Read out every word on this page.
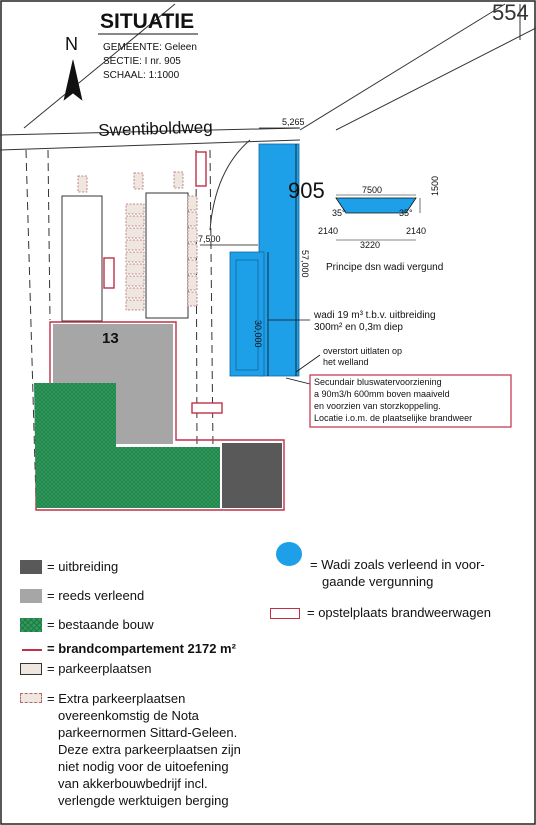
SITUATIE
GEMEENTE: Geleen
SECTIE: I nr. 905
SCHAAL: 1:1000
N
554
Swentiboldweg
905
13
5,265
7,500
30,000
57,000
wadi 19 m³ t.b.v. uitbreiding
300m² en 0,3m diep
overstort uitlaten op
het welland
Secundair bluswatervoorziening
a 90m3/h 600mm boven maaiveld
en voorzien van storzkoppeling.
Locatie i.o.m. de plaatselijke brandweer
7500	1500
35°	35°
2140
3220
2140
Principe dsn wadi vergund
= uitbreiding
= reeds verleend
= bestaande bouw
= brandcompartement 2172 m²
= parkeerplaatsen
= Extra parkeerplaatsen
overeenkomstig de Nota
parkeernormen Sittard-Geleen.
Deze extra parkeerplaatsen zijn
niet nodig voor de uitoefening
van akkerbouwbedrijf incl.
verlengde werktuigen berging
= Wadi zoals verleend in voor-
gaande vergunning
= opstelplaats brandweerwagen
